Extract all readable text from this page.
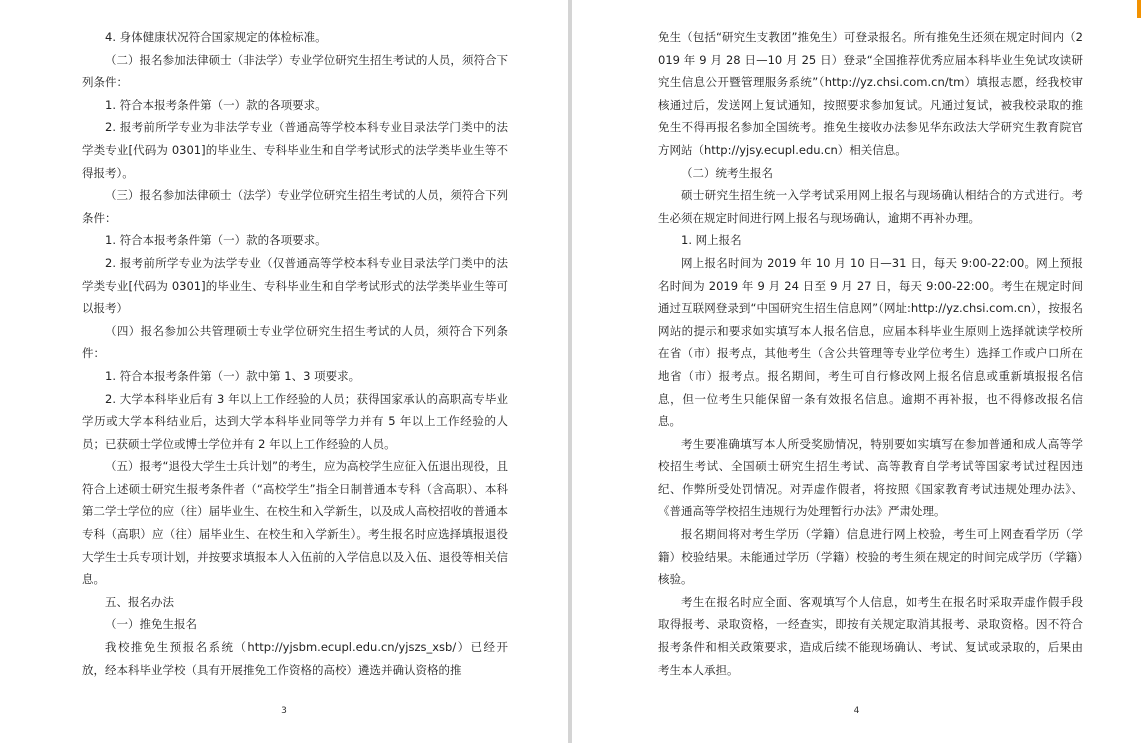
4. 身体健康状况符合国家规定的体检标准。

（二）报名参加法律硕士（非法学）专业学位研究生招生考试的人员，须符合下列条件：

1. 符合本报考条件第（一）款的各项要求。

2. 报考前所学专业为非法学专业（普通高等学校本科专业目录法学门类中的法学类专业[代码为 0301]的毕业生、专科毕业生和自学考试形式的法学类毕业生等不得报考）。

（三）报名参加法律硕士（法学）专业学位研究生招生考试的人员，须符合下列条件：

1. 符合本报考条件第（一）款的各项要求。

2. 报考前所学专业为法学专业（仅普通高等学校本科专业目录法学门类中的法学类专业[代码为 0301]的毕业生、专科毕业生和自学考试形式的法学类毕业生等可以报考）

（四）报名参加公共管理硕士专业学位研究生招生考试的人员，须符合下列条件：

1. 符合本报考条件第（一）款中第 1、3 项要求。

2. 大学本科毕业后有 3 年以上工作经验的人员；获得国家承认的高职高专毕业学历或大学本科结业后，达到大学本科毕业同等学力并有 5 年以上工作经验的人员；已获硕士学位或博士学位并有 2 年以上工作经验的人员。

（五）报考“退役大学生士兵计划”的考生，应为高校学生应征入伍退出现役，且符合上述硕士研究生报考条件者（“高校学生”指全日制普通本专科（含高职）、本科第二学士学位的应（往）届毕业生、在校生和入学新生，以及成人高校招收的普通本专科（高职）应（往）届毕业生、在校生和入学新生）。考生报名时应选择填报退役大学生士兵专项计划，并按要求填报本人入伍前的入学信息以及入伍、退役等相关信息。

五、报名办法

（一）推免生报名

我校推免生预报名系统（http://yjsbm.ecupl.edu.cn/yjszs_xsb/）已经开放，经本科毕业学校（具有开展推免工作资格的高校）遴选并确认资格的推

3

免生（包括“研究生支教团”推免生）可登录报名。所有推免生还须在规定时间内（2019 年 9 月 28 日—10 月 25 日）登录“全国推荐优秀应届本科毕业生免试攻读研究生信息公开暨管理服务系统”（http://yz.chsi.com.cn/tm）填报志愿，经我校审核通过后，发送网上复试通知，按照要求参加复试。凡通过复试，被我校录取的推免生不得再报名参加全国统考。推免生接收办法参见华东政法大学研究生教育院官方网站（http://yjsy.ecupl.edu.cn）相关信息。

（二）统考生报名

硕士研究生招生统一入学考试采用网上报名与现场确认相结合的方式进行。考生必须在规定时间进行网上报名与现场确认，逾期不再补办理。

1. 网上报名

网上报名时间为 2019 年 10 月 10 日—31 日，每天 9:00-22:00。网上预报名时间为 2019 年 9 月 24 日至 9 月 27 日，每天 9:00-22:00。考生在规定时间通过互联网登录到“中国研究生招生信息网”（网址:http://yz.chsi.com.cn），按报名网站的提示和要求如实填写本人报名信息，应届本科毕业生原则上选择就读学校所在省（市）报考点，其他考生（含公共管理等专业学位考生）选择工作或户口所在地省（市）报考点。报名期间，考生可自行修改网上报名信息或重新填报报名信息，但一位考生只能保留一条有效报名信息。逾期不再补报，也不得修改报名信息。

考生要准确填写本人所受奖励情况，特别要如实填写在参加普通和成人高等学校招生考试、全国硕士研究生招生考试、高等教育自学考试等国家考试过程因违纪、作弊所受处罚情况。对弄虚作假者，将按照《国家教育考试违规处理办法》、《普通高等学校招生违规行为处理暂行办法》严肃处理。

报名期间将对考生学历（学籍）信息进行网上校验，考生可上网查看学历（学籍）校验结果。未能通过学历（学籍）校验的考生须在规定的时间完成学历（学籍）核验。

考生在报名时应全面、客观填写个人信息，如考生在报名时采取弄虚作假手段取得报考、录取资格，一经查实，即按有关规定取消其报考、录取资格。因不符合报考条件和相关政策要求，造成后续不能现场确认、考试、复试或录取的，后果由考生本人承担。

4
